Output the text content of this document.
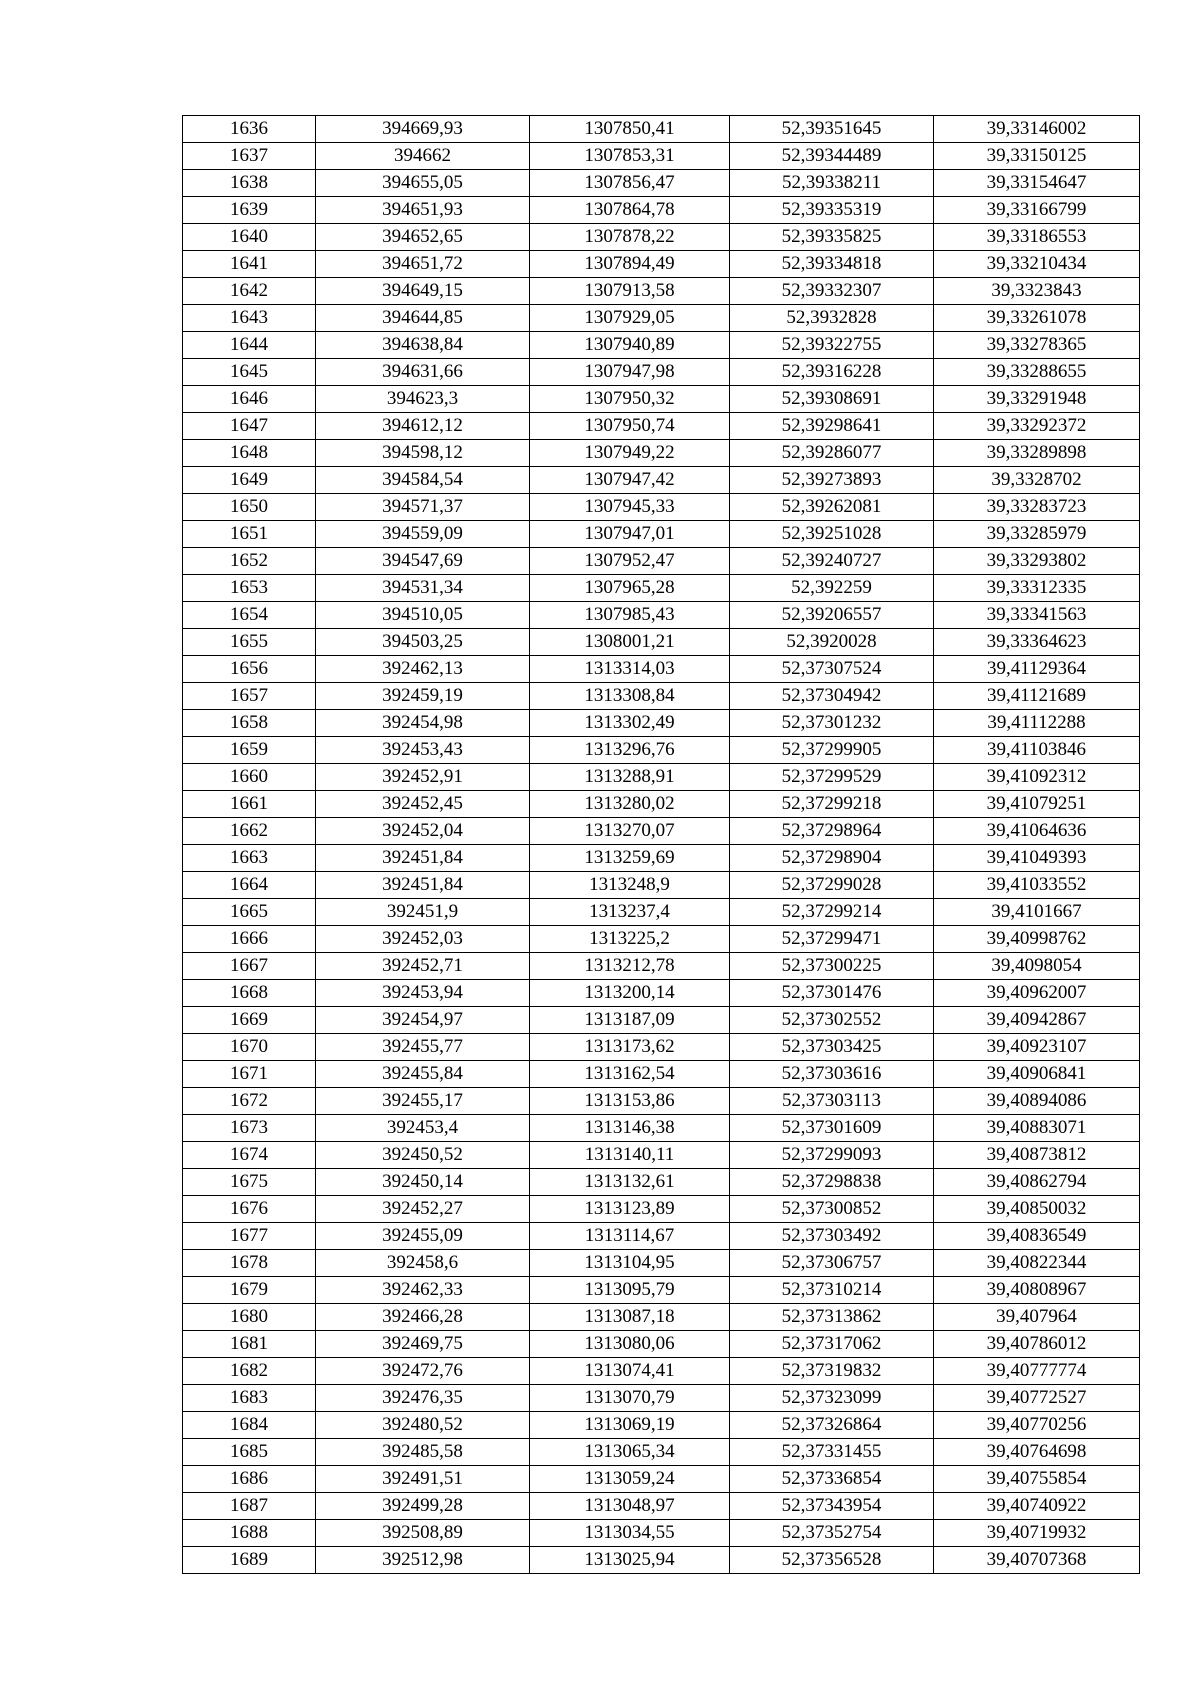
1636	394669,93	1307850,41	52,39351645	39,33146002
1637	394662	1307853,31	52,39344489	39,33150125
1638	394655,05	1307856,47	52,39338211	39,33154647
1639	394651,93	1307864,78	52,39335319	39,33166799
1640	394652,65	1307878,22	52,39335825	39,33186553
1641	394651,72	1307894,49	52,39334818	39,33210434
1642	394649,15	1307913,58	52,39332307	39,3323843
1643	394644,85	1307929,05	52,3932828	39,33261078
1644	394638,84	1307940,89	52,39322755	39,33278365
1645	394631,66	1307947,98	52,39316228	39,33288655
1646	394623,3	1307950,32	52,39308691	39,33291948
1647	394612,12	1307950,74	52,39298641	39,33292372
1648	394598,12	1307949,22	52,39286077	39,33289898
1649	394584,54	1307947,42	52,39273893	39,3328702
1650	394571,37	1307945,33	52,39262081	39,33283723
1651	394559,09	1307947,01	52,39251028	39,33285979
1652	394547,69	1307952,47	52,39240727	39,33293802
1653	394531,34	1307965,28	52,392259	39,33312335
1654	394510,05	1307985,43	52,39206557	39,33341563
1655	394503,25	1308001,21	52,3920028	39,33364623
1656	392462,13	1313314,03	52,37307524	39,41129364
1657	392459,19	1313308,84	52,37304942	39,41121689
1658	392454,98	1313302,49	52,37301232	39,41112288
1659	392453,43	1313296,76	52,37299905	39,41103846
1660	392452,91	1313288,91	52,37299529	39,41092312
1661	392452,45	1313280,02	52,37299218	39,41079251
1662	392452,04	1313270,07	52,37298964	39,41064636
1663	392451,84	1313259,69	52,37298904	39,41049393
1664	392451,84	1313248,9	52,37299028	39,41033552
1665	392451,9	1313237,4	52,37299214	39,4101667
1666	392452,03	1313225,2	52,37299471	39,40998762
1667	392452,71	1313212,78	52,37300225	39,4098054
1668	392453,94	1313200,14	52,37301476	39,40962007
1669	392454,97	1313187,09	52,37302552	39,40942867
1670	392455,77	1313173,62	52,37303425	39,40923107
1671	392455,84	1313162,54	52,37303616	39,40906841
1672	392455,17	1313153,86	52,37303113	39,40894086
1673	392453,4	1313146,38	52,37301609	39,40883071
1674	392450,52	1313140,11	52,37299093	39,40873812
1675	392450,14	1313132,61	52,37298838	39,40862794
1676	392452,27	1313123,89	52,37300852	39,40850032
1677	392455,09	1313114,67	52,37303492	39,40836549
1678	392458,6	1313104,95	52,37306757	39,40822344
1679	392462,33	1313095,79	52,37310214	39,40808967
1680	392466,28	1313087,18	52,37313862	39,407964
1681	392469,75	1313080,06	52,37317062	39,40786012
1682	392472,76	1313074,41	52,37319832	39,40777774
1683	392476,35	1313070,79	52,37323099	39,40772527
1684	392480,52	1313069,19	52,37326864	39,40770256
1685	392485,58	1313065,34	52,37331455	39,40764698
1686	392491,51	1313059,24	52,37336854	39,40755854
1687	392499,28	1313048,97	52,37343954	39,40740922
1688	392508,89	1313034,55	52,37352754	39,40719932
1689	392512,98	1313025,94	52,37356528	39,40707368
